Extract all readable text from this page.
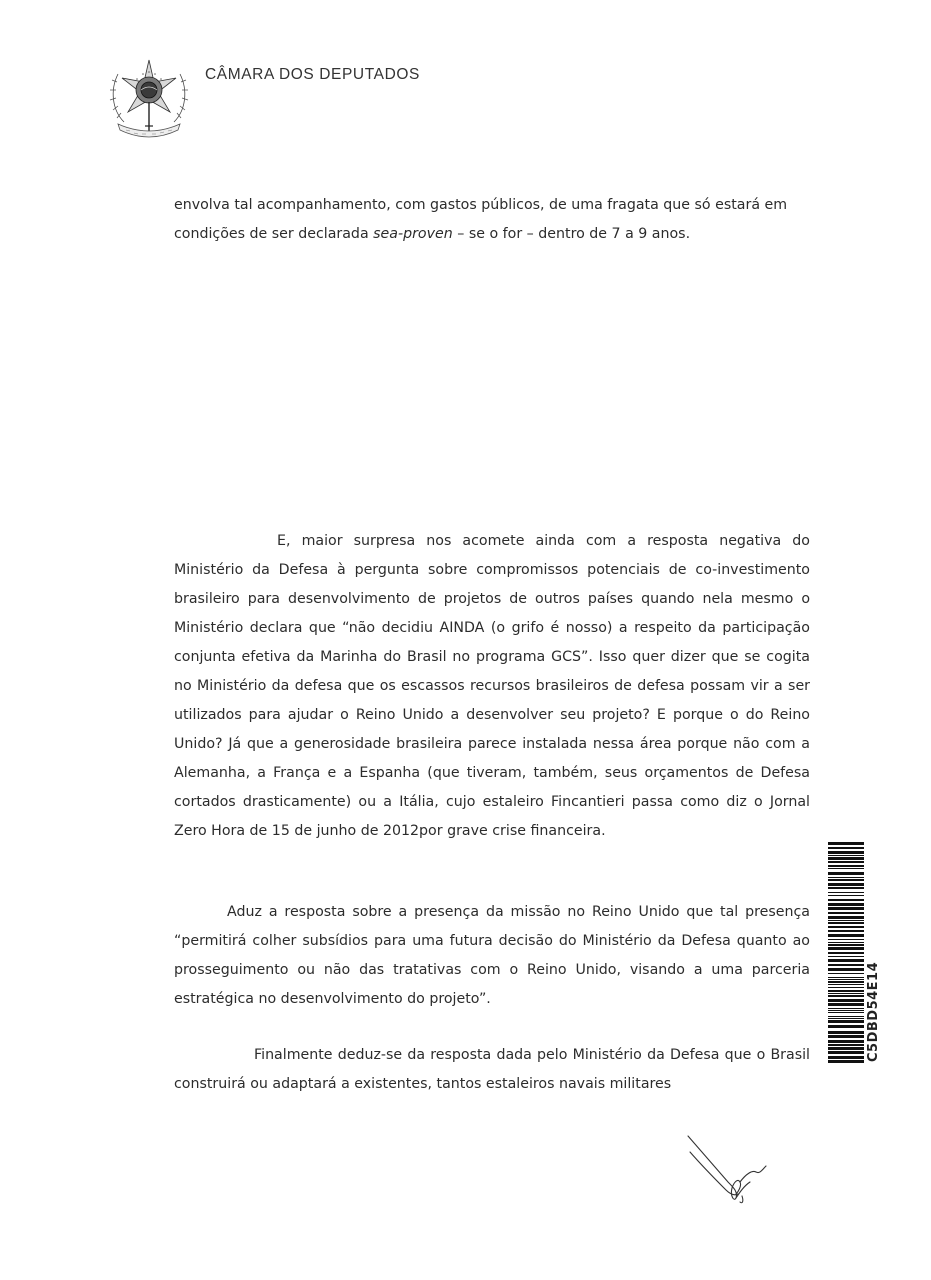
CÂMARA DOS DEPUTADOS

envolva tal acompanhamento, com gastos públicos, de uma fragata que só estará em condições de ser declarada sea-proven – se o for – dentro de 7 a 9 anos.

E, maior surpresa nos acomete ainda com a resposta negativa do Ministério da Defesa à pergunta sobre compromissos potenciais de co-investimento brasileiro para desenvolvimento de projetos de outros países quando nela mesmo o Ministério declara que “não decidiu AINDA (o grifo é nosso) a respeito da participação conjunta efetiva da Marinha do Brasil no programa GCS”. Isso quer dizer que se cogita no Ministério da defesa que os escassos recursos brasileiros de defesa possam vir a ser utilizados para ajudar o Reino Unido a desenvolver seu projeto? E porque o do Reino Unido? Já que a generosidade brasileira parece instalada nessa área porque não com a Alemanha, a França e a Espanha (que tiveram, também, seus orçamentos de Defesa cortados drasticamente) ou a Itália, cujo estaleiro Fincantieri passa como diz o Jornal Zero Hora de 15 de junho de 2012por grave crise financeira.

Aduz a resposta sobre a presença da missão no Reino Unido que tal presença “permitirá colher subsídios para uma futura decisão do Ministério da Defesa quanto ao prosseguimento ou não das tratativas com o Reino Unido, visando a uma parceria estratégica no desenvolvimento do projeto”.

Finalmente deduz-se da resposta dada pelo Ministério da Defesa que o Brasil construirá ou adaptará a existentes, tantos estaleiros navais militares

C5DBD54E14
